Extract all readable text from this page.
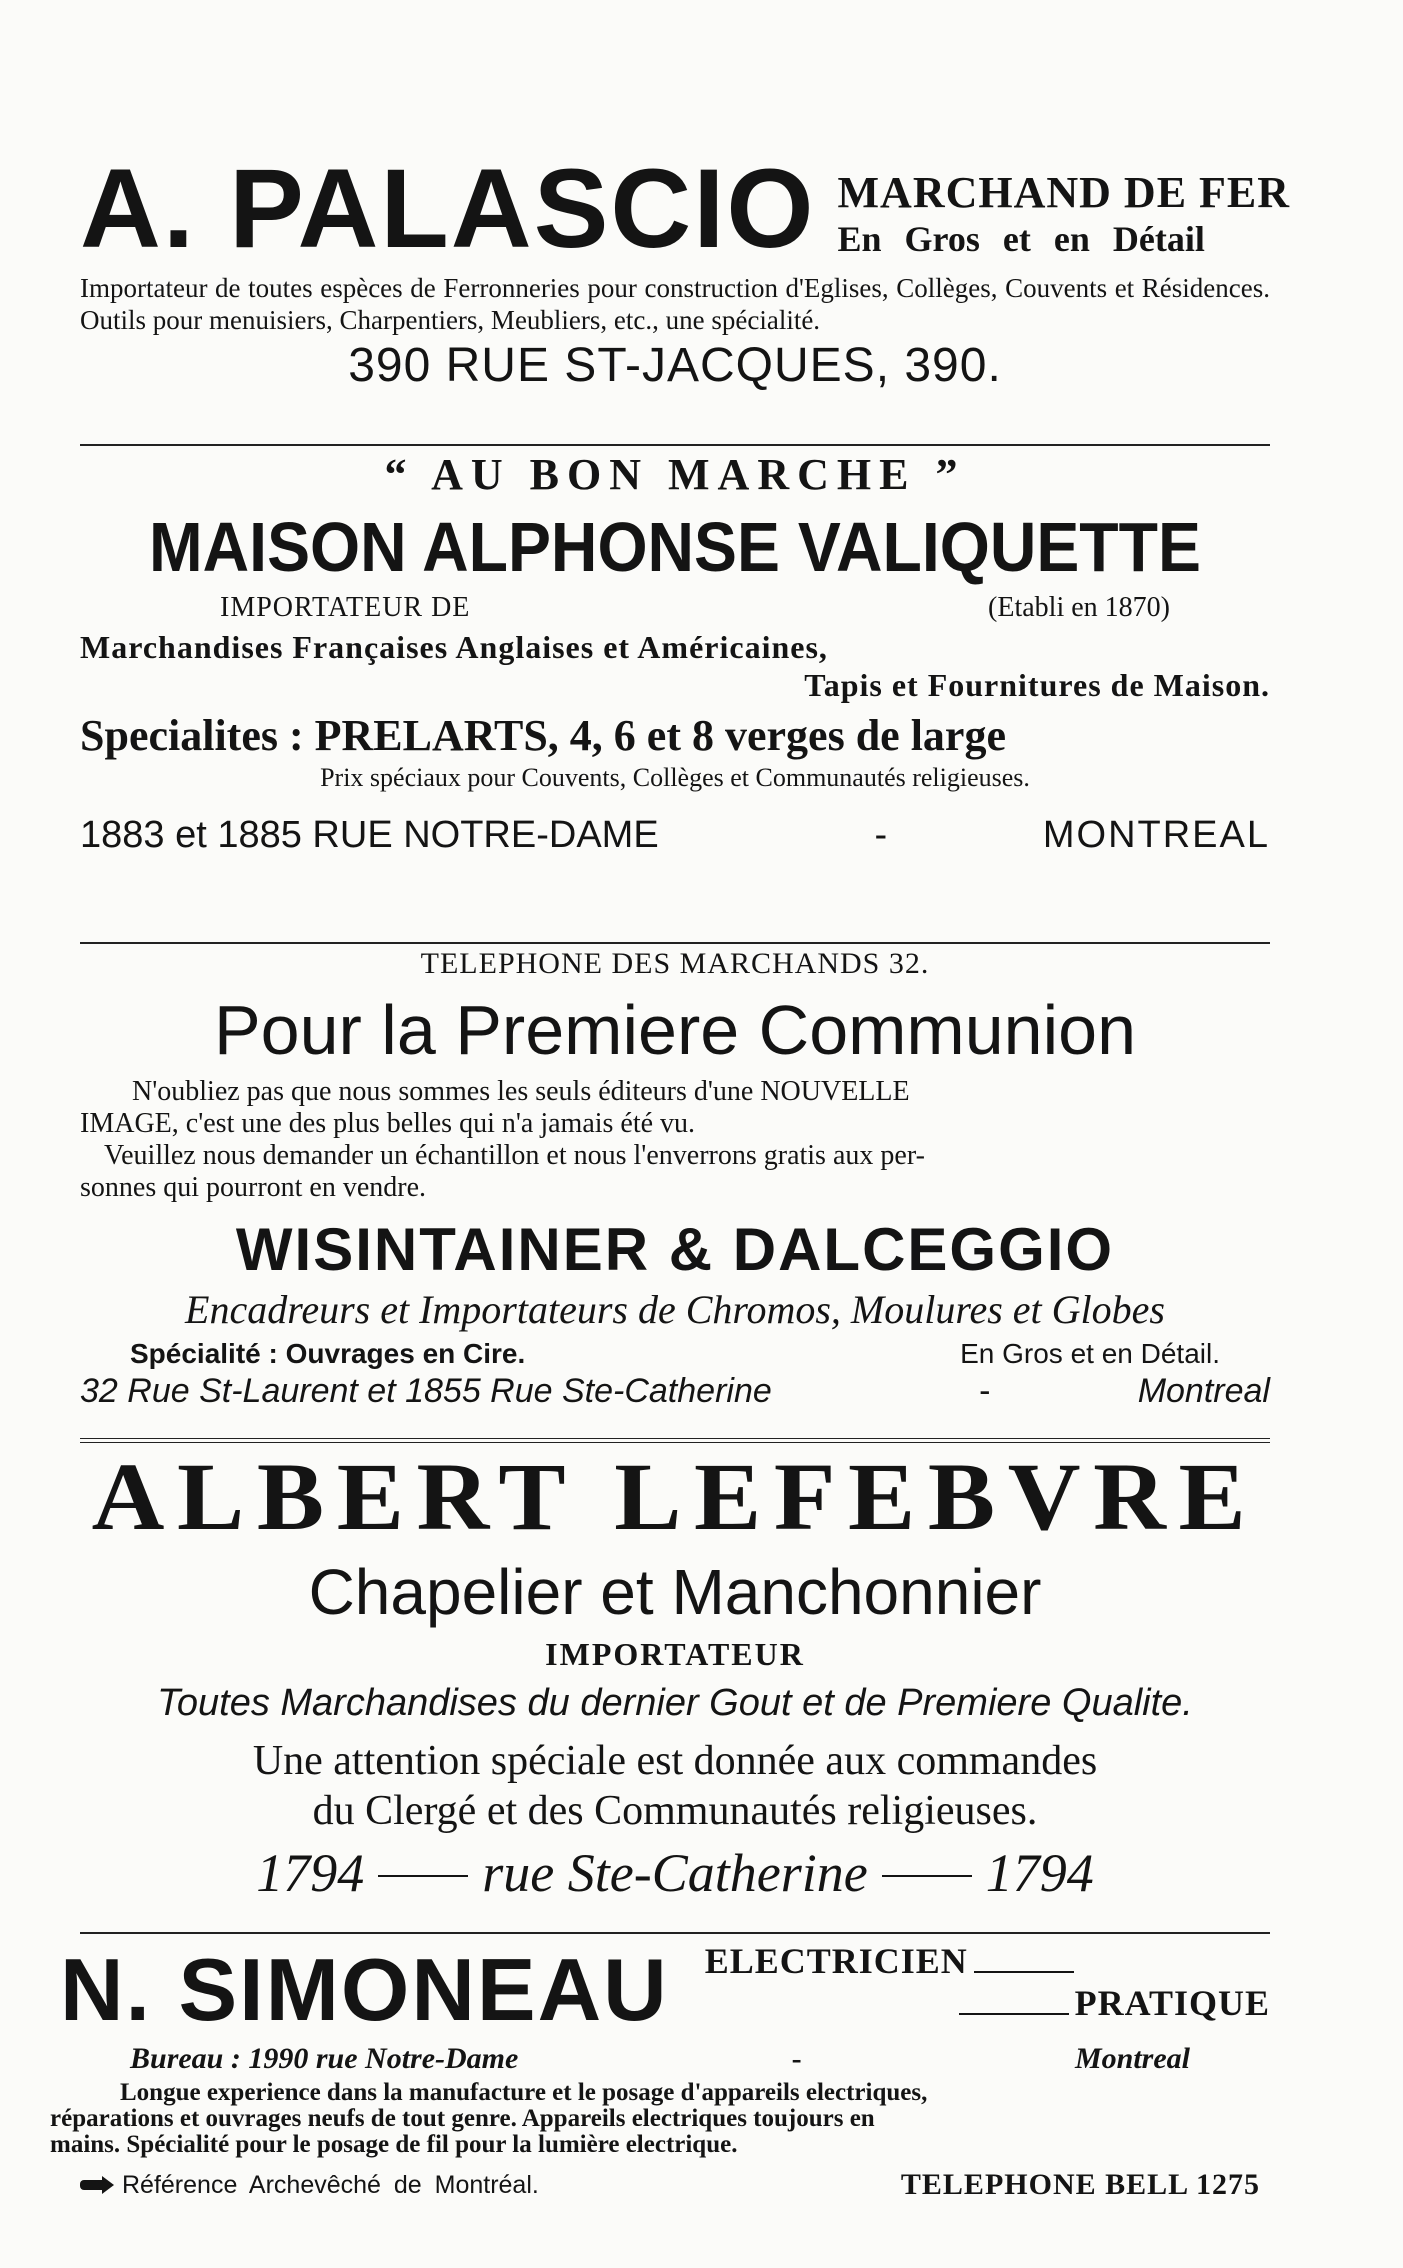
A. PALASCIO MARCHAND DE FER
En Gros et en Détail
Importateur de toutes espèces de Ferronneries pour construction d'Eglises, Collèges, Couvents et Résidences. Outils pour menuisiers, Charpentiers, Meubliers, etc., une spécialité.
390 RUE ST-JACQUES, 390.
“ AU BON MARCHE ”
MAISON ALPHONSE VALIQUETTE
IMPORTATEUR DE	(Etabli en 1870)
Marchandises Françaises Anglaises et Américaines,
Tapis et Fournitures de Maison.
Specialites : PRELARTS, 4, 6 et 8 verges de large
Prix spéciaux pour Couvents, Collèges et Communautés religieuses.
1883 et 1885 RUE NOTRE-DAME	-	MONTREAL
TELEPHONE DES MARCHANDS 32.
Pour la Premiere Communion
N'oubliez pas que nous sommes les seuls éditeurs d'une NOUVELLE
IMAGE, c'est une des plus belles qui n'a jamais été vu.
Veuillez nous demander un échantillon et nous l'enverrons gratis aux per-
sonnes qui pourront en vendre.
WISINTAINER & DALCEGGIO
Encadreurs et Importateurs de Chromos, Moulures et Globes
Spécialité : Ouvrages en Cire.	En Gros et en Détail.
32 Rue St-Laurent et 1855 Rue Ste-Catherine	-	Montreal
ALBERT LEFEBVRE
Chapelier et Manchonnier
IMPORTATEUR
Toutes Marchandises du dernier Gout et de Premiere Qualite.
Une attention spéciale est donnée aux commandes
du Clergé et des Communautés religieuses.
1794 rue Ste-Catherine 1794
N. SIMONEAU ELECTRICIEN
PRATIQUE
Bureau : 1990 rue Notre-Dame	-	Montreal
Longue experience dans la manufacture et le posage d'appareils electriques,
réparations et ouvrages neufs de tout genre. Appareils electriques toujours en
mains. Spécialité pour le posage de fil pour la lumière electrique.
Référence Archevêché de Montréal.	TELEPHONE BELL 1275
